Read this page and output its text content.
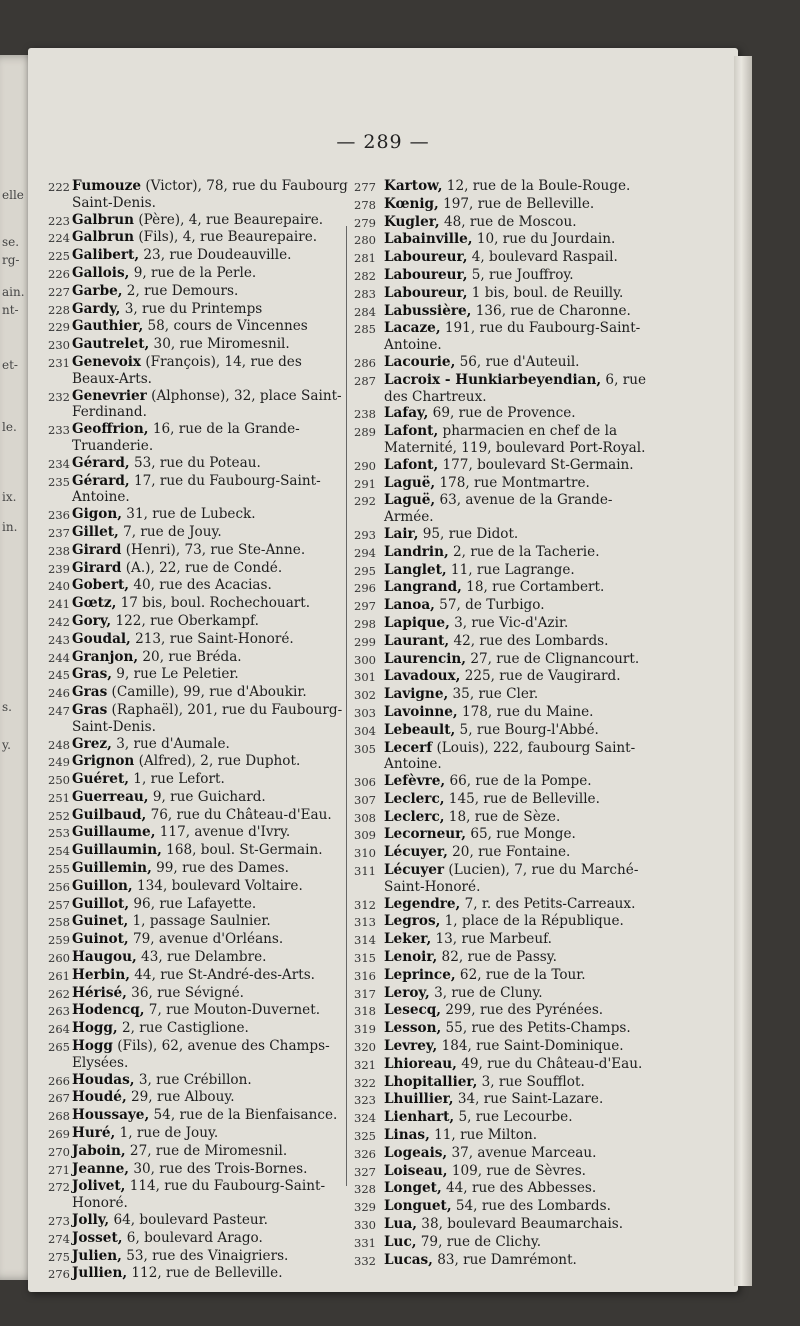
elle
se.
rg-
ain.
nt-
et-
le.
ix.
in.
s.
y.
— 289 —
222 Fumouze (Victor), 78, rue du Faubourg Saint-Denis.
223 Galbrun (Père), 4, rue Beaurepaire.
224 Galbrun (Fils), 4, rue Beaurepaire.
225 Galibert, 23, rue Doudeauville.
226 Gallois, 9, rue de la Perle.
227 Garbe, 2, rue Demours.
228 Gardy, 3, rue du Printemps
229 Gauthier, 58, cours de Vincennes
230 Gautrelet, 30, rue Miromesnil.
231 Genevoix (François), 14, rue des Beaux-Arts.
232 Genevrier (Alphonse), 32, place Saint-Ferdinand.
233 Geoffrion, 16, rue de la Grande-Truanderie.
234 Gérard, 53, rue du Poteau.
235 Gérard, 17, rue du Faubourg-Saint-Antoine.
236 Gigon, 31, rue de Lubeck.
237 Gillet, 7, rue de Jouy.
238 Girard (Henri), 73, rue Ste-Anne.
239 Girard (A.), 22, rue de Condé.
240 Gobert, 40, rue des Acacias.
241 Gœtz, 17 bis, boul. Rochechouart.
242 Gory, 122, rue Oberkampf.
243 Goudal, 213, rue Saint-Honoré.
244 Granjon, 20, rue Bréda.
245 Gras, 9, rue Le Peletier.
246 Gras (Camille), 99, rue d'Aboukir.
247 Gras (Raphaël), 201, rue du Faubourg-Saint-Denis.
248 Grez, 3, rue d'Aumale.
249 Grignon (Alfred), 2, rue Duphot.
250 Guéret, 1, rue Lefort.
251 Guerreau, 9, rue Guichard.
252 Guilbaud, 76, rue du Château-d'Eau.
253 Guillaume, 117, avenue d'Ivry.
254 Guillaumin, 168, boul. St-Germain.
255 Guillemin, 99, rue des Dames.
256 Guillon, 134, boulevard Voltaire.
257 Guillot, 96, rue Lafayette.
258 Guinet, 1, passage Saulnier.
259 Guinot, 79, avenue d'Orléans.
260 Haugou, 43, rue Delambre.
261 Herbin, 44, rue St-André-des-Arts.
262 Hérisé, 36, rue Sévigné.
263 Hodencq, 7, rue Mouton-Duvernet.
264 Hogg, 2, rue Castiglione.
265 Hogg (Fils), 62, avenue des Champs-Elysées.
266 Houdas, 3, rue Crébillon.
267 Houdé, 29, rue Albouy.
268 Houssaye, 54, rue de la Bienfaisance.
269 Huré, 1, rue de Jouy.
270 Jaboin, 27, rue de Miromesnil.
271 Jeanne, 30, rue des Trois-Bornes.
272 Jolivet, 114, rue du Faubourg-Saint-Honoré.
273 Jolly, 64, boulevard Pasteur.
274 Josset, 6, boulevard Arago.
275 Julien, 53, rue des Vinaigriers.
276 Jullien, 112, rue de Belleville.
277 Kartow, 12, rue de la Boule-Rouge.
278 Kœnig, 197, rue de Belleville.
279 Kugler, 48, rue de Moscou.
280 Labainville, 10, rue du Jourdain.
281 Laboureur, 4, boulevard Raspail.
282 Laboureur, 5, rue Jouffroy.
283 Laboureur, 1 bis, boul. de Reuilly.
284 Labussière, 136, rue de Charonne.
285 Lacaze, 191, rue du Faubourg-Saint-Antoine.
286 Lacourie, 56, rue d'Auteuil.
287 Lacroix - Hunkiarbeyendian, 6, rue des Chartreux.
238 Lafay, 69, rue de Provence.
289 Lafont, pharmacien en chef de la Maternité, 119, boulevard Port-Royal.
290 Lafont, 177, boulevard St-Germain.
291 Laguë, 178, rue Montmartre.
292 Laguë, 63, avenue de la Grande-Armée.
293 Lair, 95, rue Didot.
294 Landrin, 2, rue de la Tacherie.
295 Langlet, 11, rue Lagrange.
296 Langrand, 18, rue Cortambert.
297 Lanoa, 57, de Turbigo.
298 Lapique, 3, rue Vic-d'Azir.
299 Laurant, 42, rue des Lombards.
300 Laurencin, 27, rue de Clignancourt.
301 Lavadoux, 225, rue de Vaugirard.
302 Lavigne, 35, rue Cler.
303 Lavoinne, 178, rue du Maine.
304 Lebeault, 5, rue Bourg-l'Abbé.
305 Lecerf (Louis), 222, faubourg Saint-Antoine.
306 Lefèvre, 66, rue de la Pompe.
307 Leclerc, 145, rue de Belleville.
308 Leclerc, 18, rue de Sèze.
309 Lecorneur, 65, rue Monge.
310 Lécuyer, 20, rue Fontaine.
311 Lécuyer (Lucien), 7, rue du Marché-Saint-Honoré.
312 Legendre, 7, r. des Petits-Carreaux.
313 Legros, 1, place de la République.
314 Leker, 13, rue Marbeuf.
315 Lenoir, 82, rue de Passy.
316 Leprince, 62, rue de la Tour.
317 Leroy, 3, rue de Cluny.
318 Lesecq, 299, rue des Pyrénées.
319 Lesson, 55, rue des Petits-Champs.
320 Levrey, 184, rue Saint-Dominique.
321 Lhioreau, 49, rue du Château-d'Eau.
322 Lhopitallier, 3, rue Soufflot.
323 Lhuillier, 34, rue Saint-Lazare.
324 Lienhart, 5, rue Lecourbe.
325 Linas, 11, rue Milton.
326 Logeais, 37, avenue Marceau.
327 Loiseau, 109, rue de Sèvres.
328 Longet, 44, rue des Abbesses.
329 Longuet, 54, rue des Lombards.
330 Lua, 38, boulevard Beaumarchais.
331 Luc, 79, rue de Clichy.
332 Lucas, 83, rue Damrémont.
